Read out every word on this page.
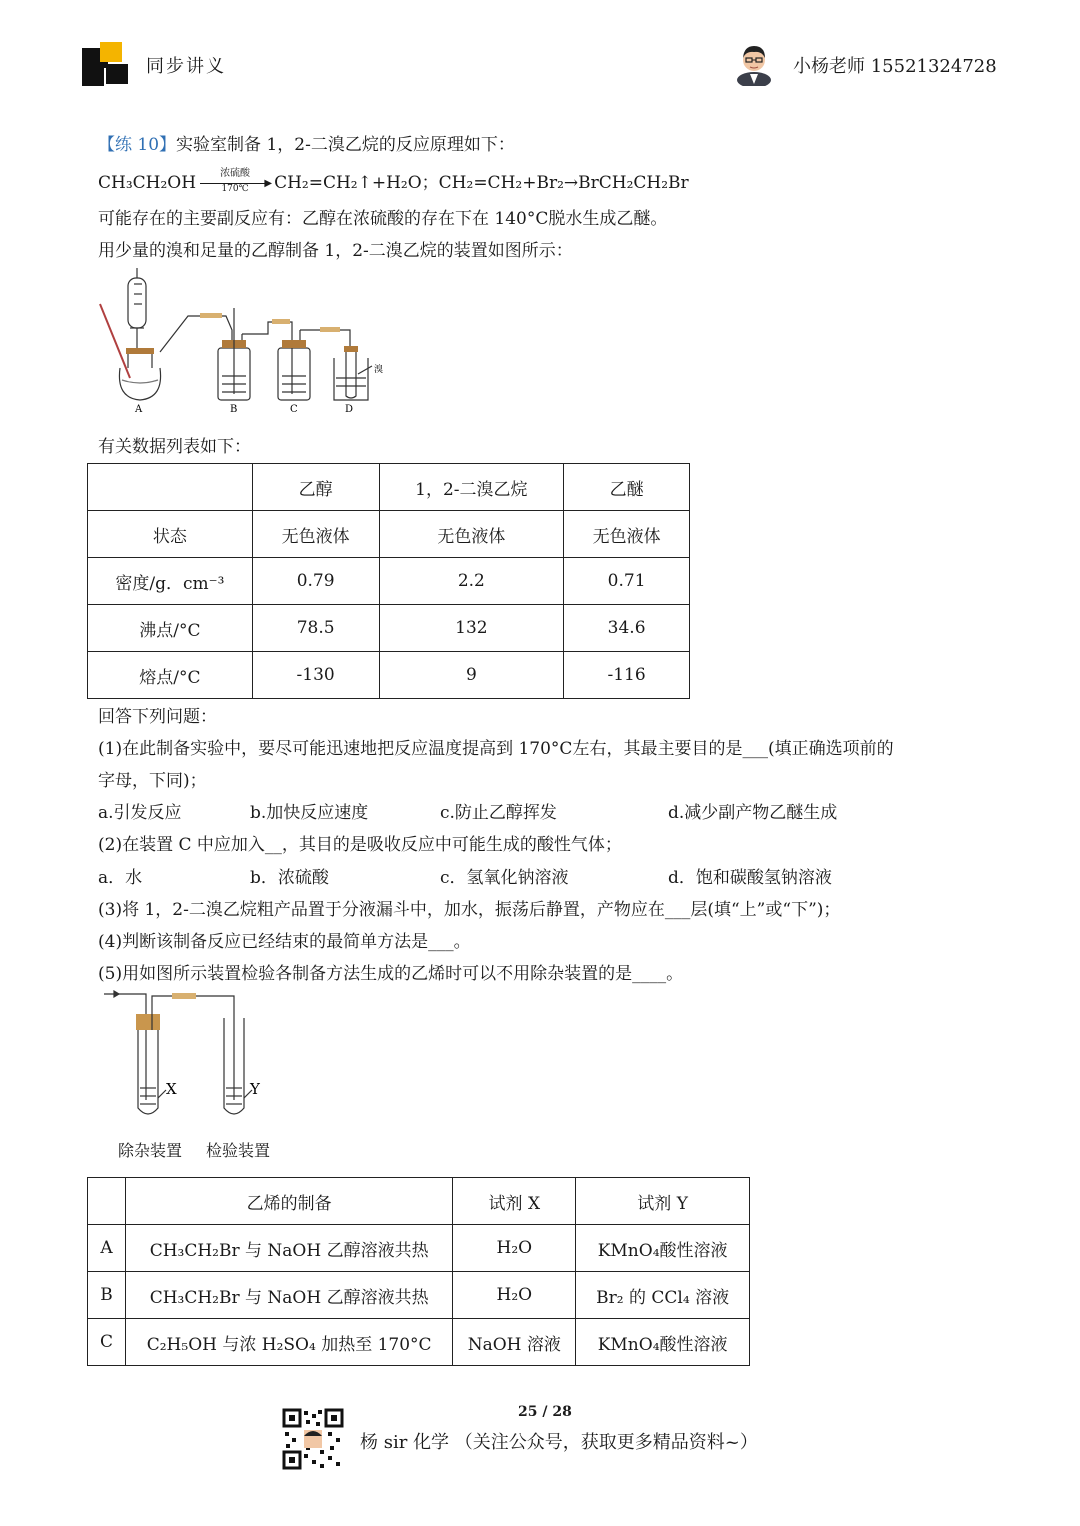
同步讲义	小杨老师 15521324728
【练 10】实验室制备 1，2-二溴乙烷的反应原理如下：
CH₃CH₂OH	浓硫酸
▶
170℃	CH₂=CH₂↑+H₂O；CH₂=CH₂+Br₂→BrCH₂CH₂Br
可能存在的主要副反应有：乙醇在浓硫酸的存在下在 140°C脱水生成乙醚。
用少量的溴和足量的乙醇制备 1，2-二溴乙烷的装置如图所示：
A	B	C	D
溴
有关数据列表如下：
	乙醇	1，2-二溴乙烷	乙醚
状态	无色液体	无色液体	无色液体
密度/g．cm⁻³	0.79	2.2	0.71
沸点/°C	78.5	132	34.6
熔点/°C	-130	9	-116
回答下列问题：
(1)在此制备实验中，要尽可能迅速地把反应温度提高到 170°C左右，其最主要目的是___(填正确选项前的
字母，下同)；
a.引发反应	b.加快反应速度	c.防止乙醇挥发	d.减少副产物乙醚生成
(2)在装置 C 中应加入__，其目的是吸收反应中可能生成的酸性气体；
a．水	b．浓硫酸	c．氢氧化钠溶液	d．饱和碳酸氢钠溶液
(3)将 1，2-二溴乙烷粗产品置于分液漏斗中，加水，振荡后静置，产物应在___层(填“上”或“下”)；
(4)判断该制备反应已经结束的最简单方法是___。
(5)用如图所示装置检验各制备方法生成的乙烯时可以不用除杂装置的是____。
X	Y
除杂装置 检验装置
	乙烯的制备	试剂 X	试剂 Y
A	CH₃CH₂Br 与 NaOH 乙醇溶液共热	H₂O	KMnO₄酸性溶液
B	CH₃CH₂Br 与 NaOH 乙醇溶液共热	H₂O	Br₂ 的 CCl₄ 溶液
C	C₂H₅OH 与浓 H₂SO₄ 加热至 170°C	NaOH 溶液	KMnO₄酸性溶液
25 / 28
杨 sir 化学 （关注公众号，获取更多精品资料~）
